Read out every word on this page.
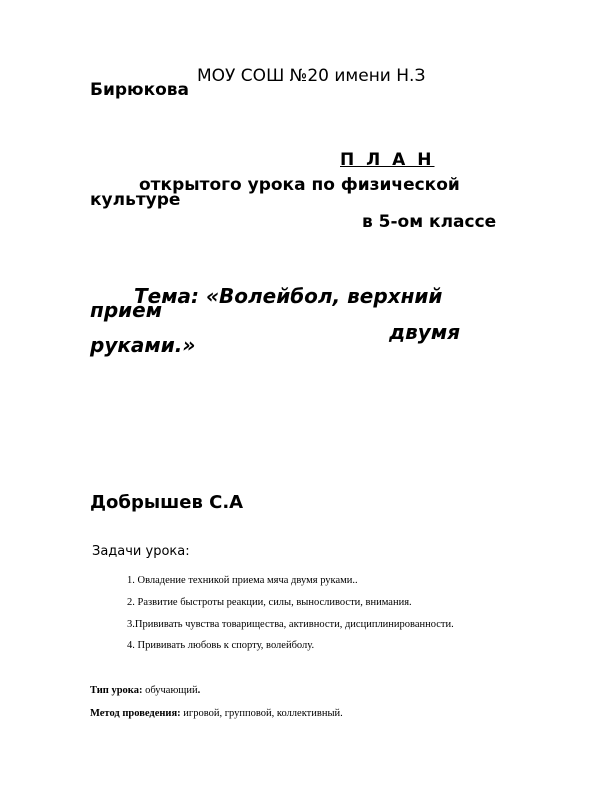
МОУ СОШ №20 имени Н.З
Бирюкова
П Л А Н
открытого урока по физической
культуре
в 5-ом классе
Тема: «Волейбол, верхний
прием
двумя
руками.»
Добрышев С.А
Задачи урока:
1. Овладение техникой приема мяча двумя руками..
2. Развитие быстроты реакции, силы, выносливости, внимания.
3.Прививать чувства товарищества, активности, дисциплинированности.
4. Прививать любовь к спорту, волейболу.
Тип урока: обучающий.
Метод проведения: игровой, групповой, коллективный.
